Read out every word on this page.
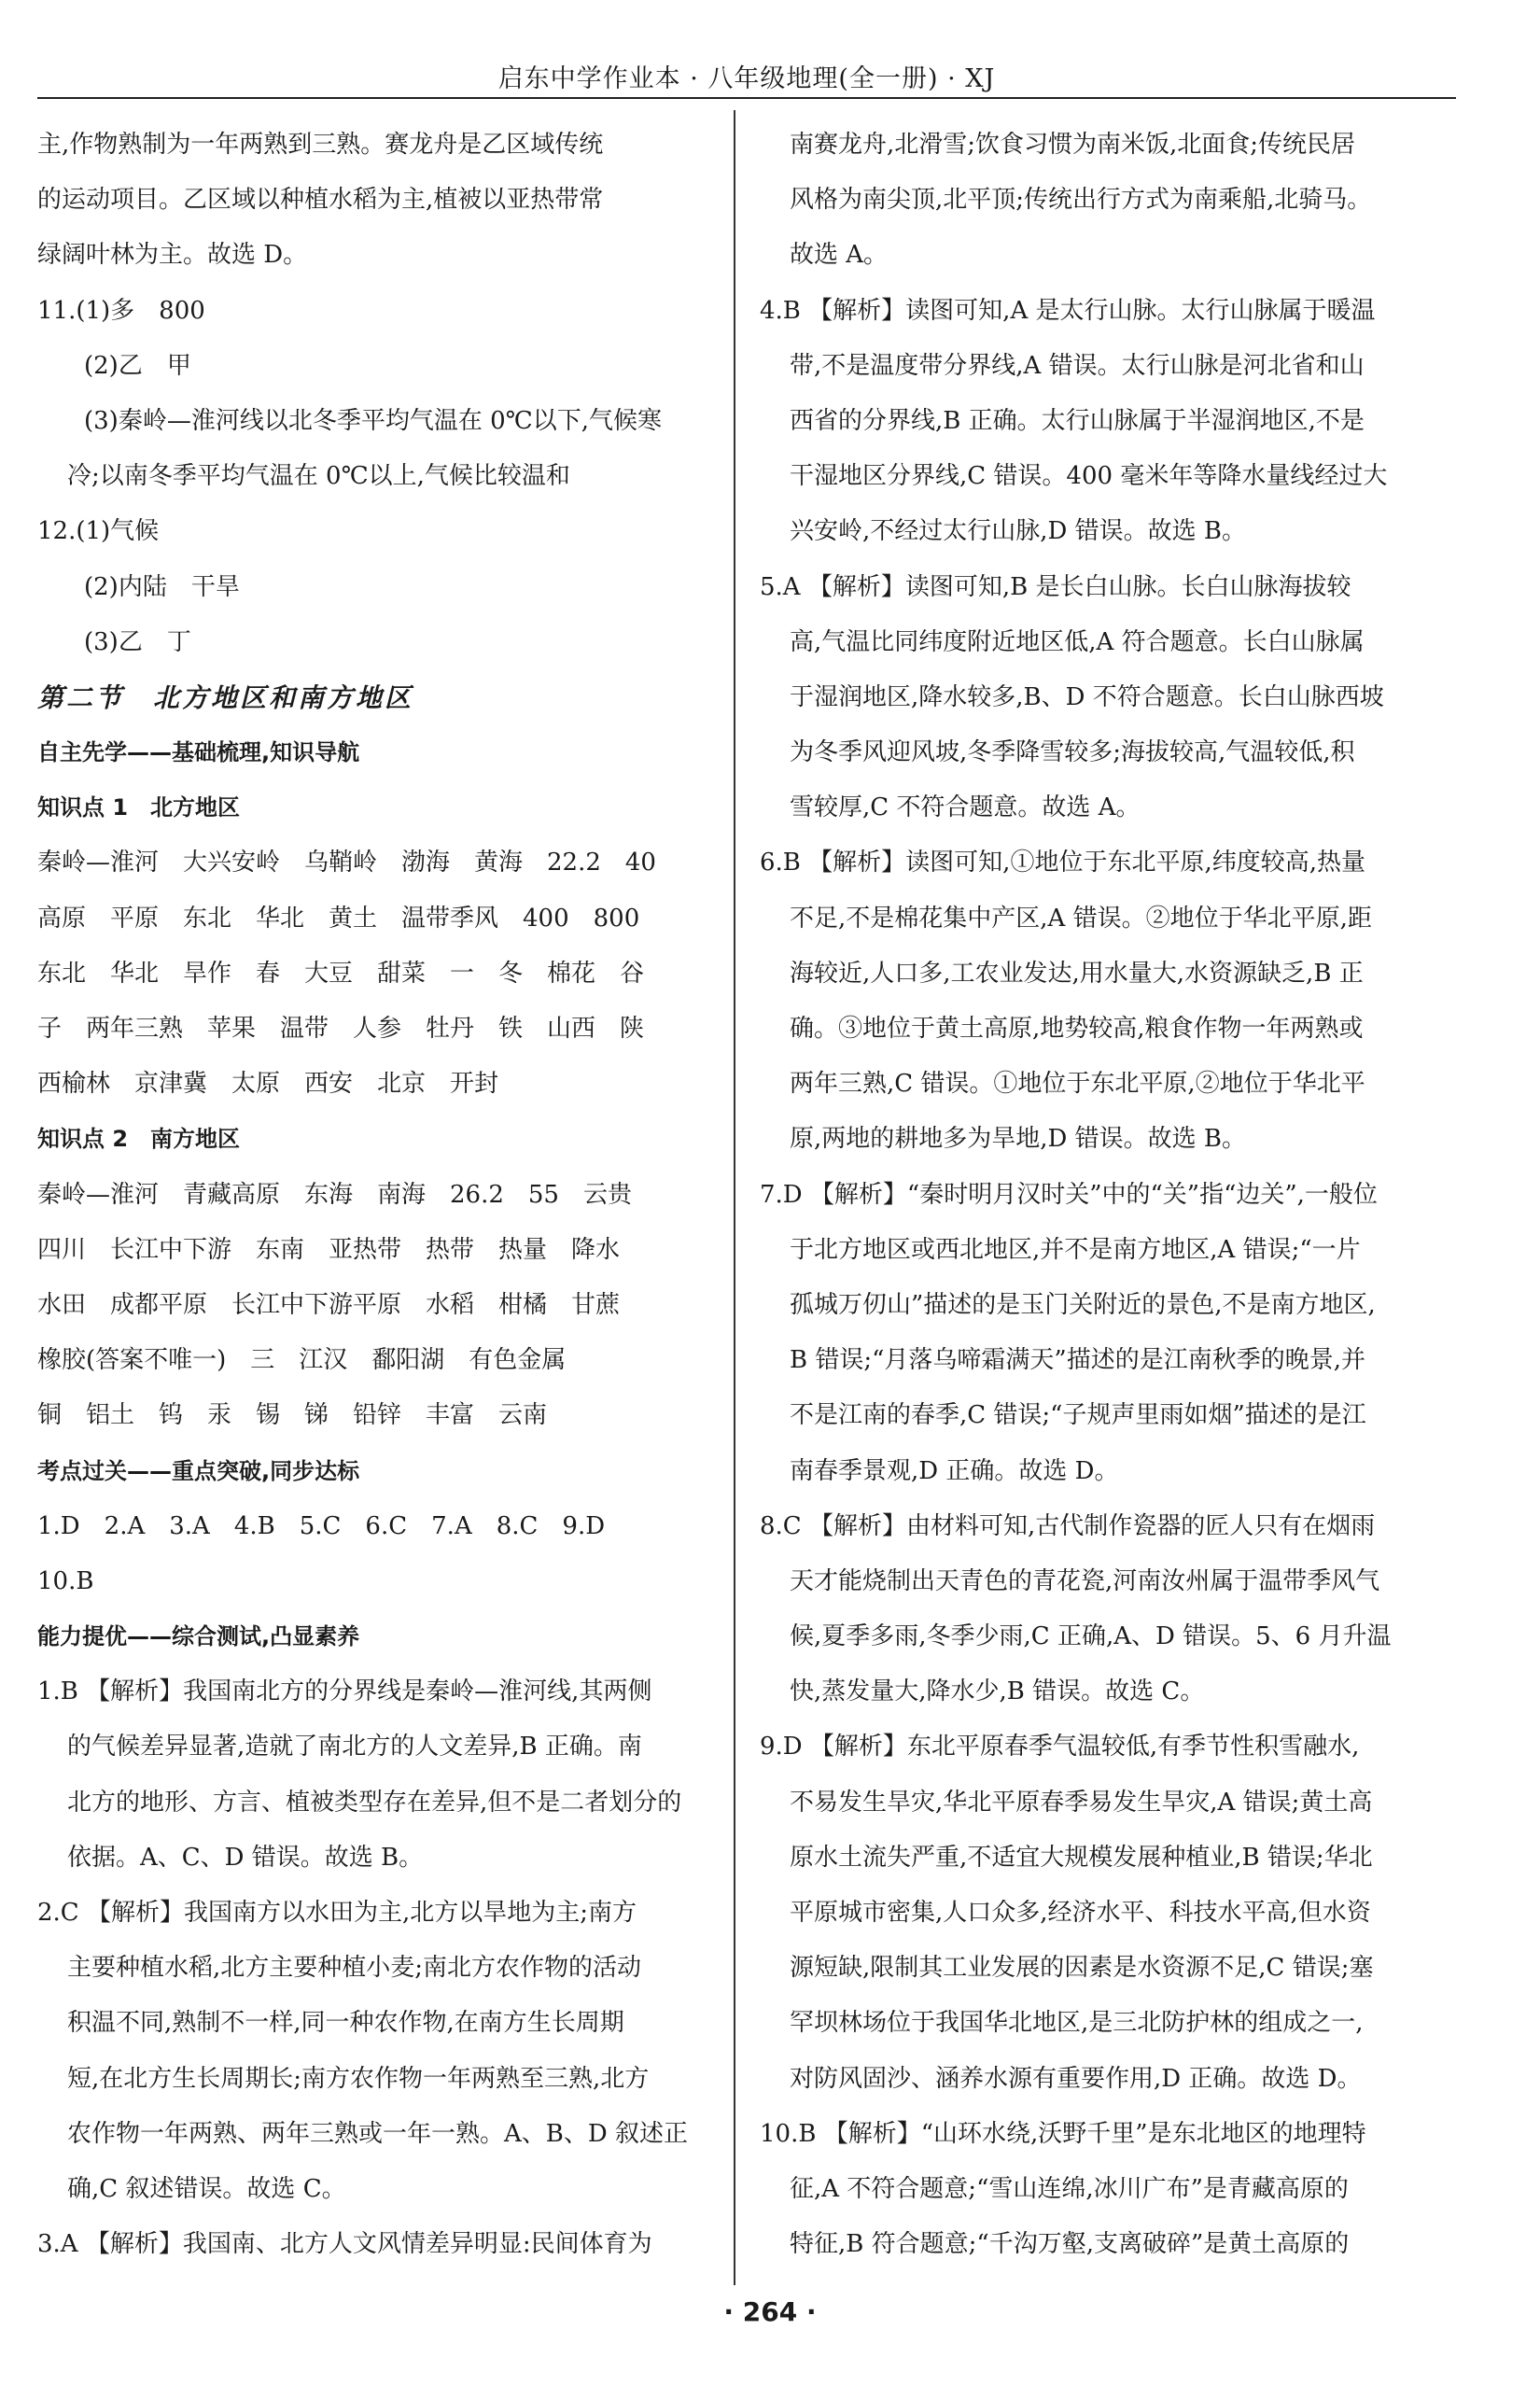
启东中学作业本 · 八年级地理(全一册) · XJ
主,作物熟制为一年两熟到三熟。赛龙舟是乙区域传统
的运动项目。乙区域以种植水稻为主,植被以亚热带常
绿阔叶林为主。故选 D。
11.(1)多　800
(2)乙　甲
(3)秦岭—淮河线以北冬季平均气温在 0℃以下,气候寒
冷;以南冬季平均气温在 0℃以上,气候比较温和
12.(1)气候
(2)内陆　干旱
(3)乙　丁
第二节　北方地区和南方地区
自主先学——基础梳理,知识导航
知识点 1　北方地区
秦岭—淮河　大兴安岭　乌鞘岭　渤海　黄海　22.2　40
高原　平原　东北　华北　黄土　温带季风　400　800
东北　华北　旱作　春　大豆　甜菜　一　冬　棉花　谷
子　两年三熟　苹果　温带　人参　牡丹　铁　山西　陕
西榆林　京津冀　太原　西安　北京　开封
知识点 2　南方地区
秦岭—淮河　青藏高原　东海　南海　26.2　55　云贵
四川　长江中下游　东南　亚热带　热带　热量　降水
水田　成都平原　长江中下游平原　水稻　柑橘　甘蔗
橡胶(答案不唯一)　三　江汉　鄱阳湖　有色金属
铜　铝土　钨　汞　锡　锑　铅锌　丰富　云南
考点过关——重点突破,同步达标
1.D　2.A　3.A　4.B　5.C　6.C　7.A　8.C　9.D
10.B
能力提优——综合测试,凸显素养
1.B 【解析】我国南北方的分界线是秦岭—淮河线,其两侧
的气候差异显著,造就了南北方的人文差异,B 正确。南
北方的地形、方言、植被类型存在差异,但不是二者划分的
依据。A、C、D 错误。故选 B。
2.C 【解析】我国南方以水田为主,北方以旱地为主;南方
主要种植水稻,北方主要种植小麦;南北方农作物的活动
积温不同,熟制不一样,同一种农作物,在南方生长周期
短,在北方生长周期长;南方农作物一年两熟至三熟,北方
农作物一年两熟、两年三熟或一年一熟。A、B、D 叙述正
确,C 叙述错误。故选 C。
3.A 【解析】我国南、北方人文风情差异明显:民间体育为
南赛龙舟,北滑雪;饮食习惯为南米饭,北面食;传统民居
风格为南尖顶,北平顶;传统出行方式为南乘船,北骑马。
故选 A。
4.B 【解析】读图可知,A 是太行山脉。太行山脉属于暖温
带,不是温度带分界线,A 错误。太行山脉是河北省和山
西省的分界线,B 正确。太行山脉属于半湿润地区,不是
干湿地区分界线,C 错误。400 毫米年等降水量线经过大
兴安岭,不经过太行山脉,D 错误。故选 B。
5.A 【解析】读图可知,B 是长白山脉。长白山脉海拔较
高,气温比同纬度附近地区低,A 符合题意。长白山脉属
于湿润地区,降水较多,B、D 不符合题意。长白山脉西坡
为冬季风迎风坡,冬季降雪较多;海拔较高,气温较低,积
雪较厚,C 不符合题意。故选 A。
6.B 【解析】读图可知,①地位于东北平原,纬度较高,热量
不足,不是棉花集中产区,A 错误。②地位于华北平原,距
海较近,人口多,工农业发达,用水量大,水资源缺乏,B 正
确。③地位于黄土高原,地势较高,粮食作物一年两熟或
两年三熟,C 错误。①地位于东北平原,②地位于华北平
原,两地的耕地多为旱地,D 错误。故选 B。
7.D 【解析】“秦时明月汉时关”中的“关”指“边关”,一般位
于北方地区或西北地区,并不是南方地区,A 错误;“一片
孤城万仞山”描述的是玉门关附近的景色,不是南方地区,
B 错误;“月落乌啼霜满天”描述的是江南秋季的晚景,并
不是江南的春季,C 错误;“子规声里雨如烟”描述的是江
南春季景观,D 正确。故选 D。
8.C 【解析】由材料可知,古代制作瓷器的匠人只有在烟雨
天才能烧制出天青色的青花瓷,河南汝州属于温带季风气
候,夏季多雨,冬季少雨,C 正确,A、D 错误。5、6 月升温
快,蒸发量大,降水少,B 错误。故选 C。
9.D 【解析】东北平原春季气温较低,有季节性积雪融水,
不易发生旱灾,华北平原春季易发生旱灾,A 错误;黄土高
原水土流失严重,不适宜大规模发展种植业,B 错误;华北
平原城市密集,人口众多,经济水平、科技水平高,但水资
源短缺,限制其工业发展的因素是水资源不足,C 错误;塞
罕坝林场位于我国华北地区,是三北防护林的组成之一,
对防风固沙、涵养水源有重要作用,D 正确。故选 D。
10.B 【解析】“山环水绕,沃野千里”是东北地区的地理特
征,A 不符合题意;“雪山连绵,冰川广布”是青藏高原的
特征,B 符合题意;“千沟万壑,支离破碎”是黄土高原的
· 264 ·
